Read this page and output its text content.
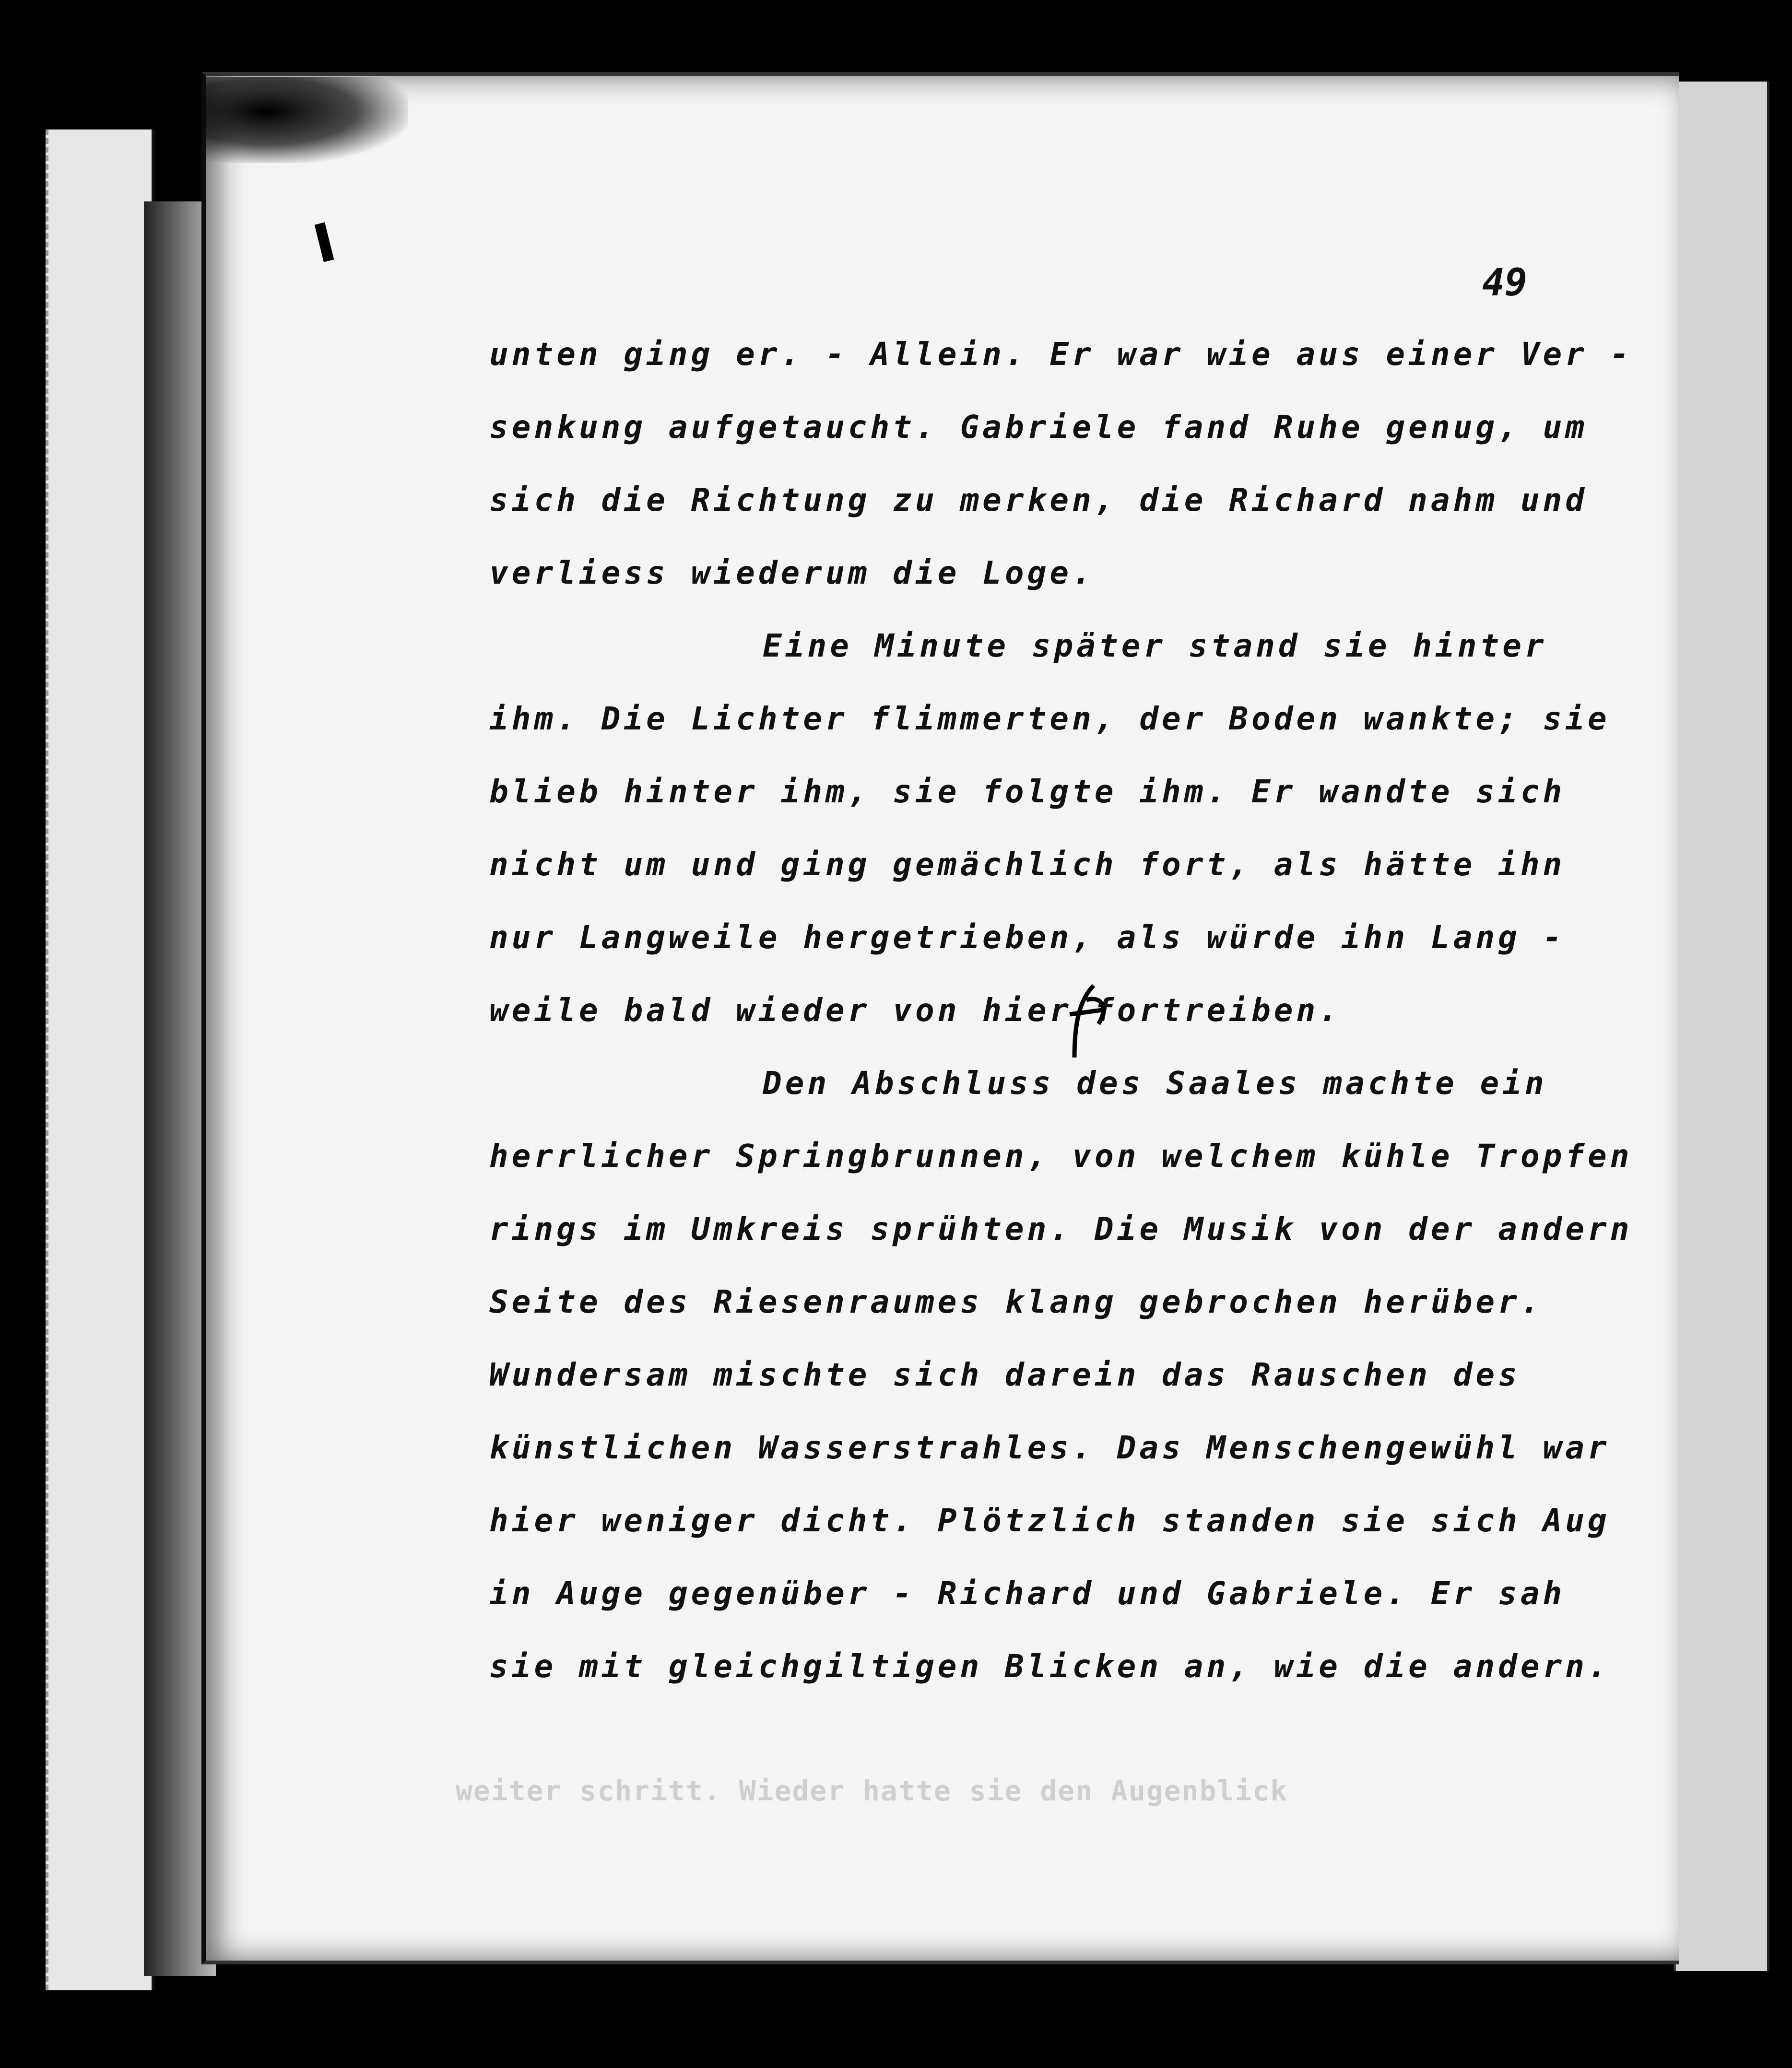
weiter schritt. Wieder hatte sie den Augenblick
49
unten ging er. - Allein. Er war wie aus einer Ver -
senkung aufgetaucht. Gabriele fand Ruhe genug, um
sich die Richtung zu merken, die Richard nahm und
verliess wiederum die Loge.
Eine Minute später stand sie hinter
ihm. Die Lichter flimmerten, der Boden wankte; sie
blieb hinter ihm, sie folgte ihm. Er wandte sich
nicht um und ging gemächlich fort, als hätte ihn
nur Langweile hergetrieben, als würde ihn Lang -
weile bald wieder von hier fortreiben.
Den Abschluss des Saales machte ein
herrlicher Springbrunnen, von welchem kühle Tropfen
rings im Umkreis sprühten. Die Musik von der andern
Seite des Riesenraumes klang gebrochen herüber.
Wundersam mischte sich darein das Rauschen des
künstlichen Wasserstrahles. Das Menschengewühl war
hier weniger dicht. Plötzlich standen sie sich Aug
in Auge gegenüber - Richard und Gabriele. Er sah
sie mit gleichgiltigen Blicken an, wie die andern.
